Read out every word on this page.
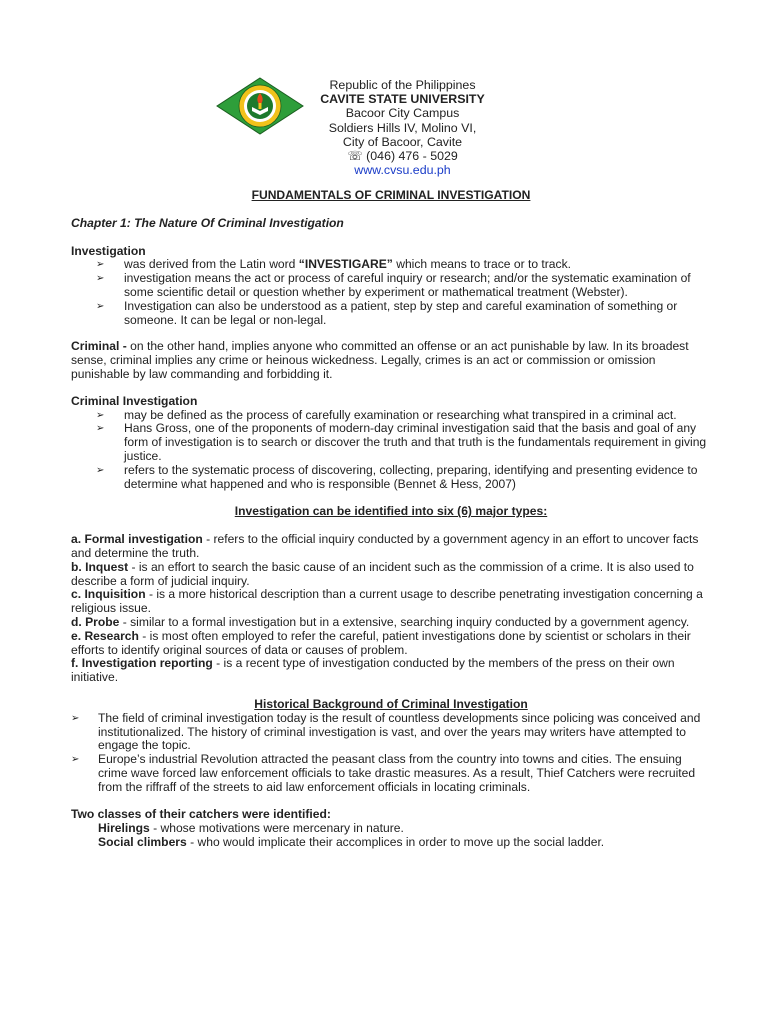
Republic of the Philippines
CAVITE STATE UNIVERSITY
Bacoor City Campus
Soldiers Hills IV, Molino VI,
City of Bacoor, Cavite
☏ (046) 476 - 5029
www.cvsu.edu.ph
FUNDAMENTALS OF CRIMINAL INVESTIGATION
Chapter 1: The Nature Of Criminal Investigation
Investigation
➢ was derived from the Latin word “INVESTIGARE” which means to trace or to track.
➢ investigation means the act or process of careful inquiry or research; and/or the systematic examination of some scientific detail or question whether by experiment or mathematical treatment (Webster).
➢ Investigation can also be understood as a patient, step by step and careful examination of something or someone. It can be legal or non-legal.

Criminal - on the other hand, implies anyone who committed an offense or an act punishable by law. In its broadest sense, criminal implies any crime or heinous wickedness. Legally, crimes is an act or commission or omission punishable by law commanding and forbidding it.

Criminal Investigation
➢ may be defined as the process of carefully examination or researching what transpired in a criminal act.
➢ Hans Gross, one of the proponents of modern-day criminal investigation said that the basis and goal of any form of investigation is to search or discover the truth and that truth is the fundamentals requirement in giving justice.
➢ refers to the systematic process of discovering, collecting, preparing, identifying and presenting evidence to determine what happened and who is responsible (Bennet & Hess, 2007)
Investigation can be identified into six (6) major types:

a. Formal investigation - refers to the official inquiry conducted by a government agency in an effort to uncover facts and determine the truth.

b. Inquest - is an effort to search the basic cause of an incident such as the commission of a crime. It is also used to describe a form of judicial inquiry.

c. Inquisition - is a more historical description than a current usage to describe penetrating investigation concerning a religious issue.

d. Probe - similar to a formal investigation but in a extensive, searching inquiry conducted by a government agency.

e. Research - is most often employed to refer the careful, patient investigations done by scientist or scholars in their efforts to identify original sources of data or causes of problem.

f. Investigation reporting - is a recent type of investigation conducted by the members of the press on their own initiative.

Historical Background of Criminal Investigation
➢ The field of criminal investigation today is the result of countless developments since policing was conceived and institutionalized. The history of criminal investigation is vast, and over the years may writers have attempted to engage the topic.
➢ Europe’s industrial Revolution attracted the peasant class from the country into towns and cities. The ensuing crime wave forced law enforcement officials to take drastic measures. As a result, Thief Catchers were recruited from the riffraff of the streets to aid law enforcement officials in locating criminals.
Two classes of their catchers were identified:

Hirelings - whose motivations were mercenary in nature.

Social climbers - who would implicate their accomplices in order to move up the social ladder.
